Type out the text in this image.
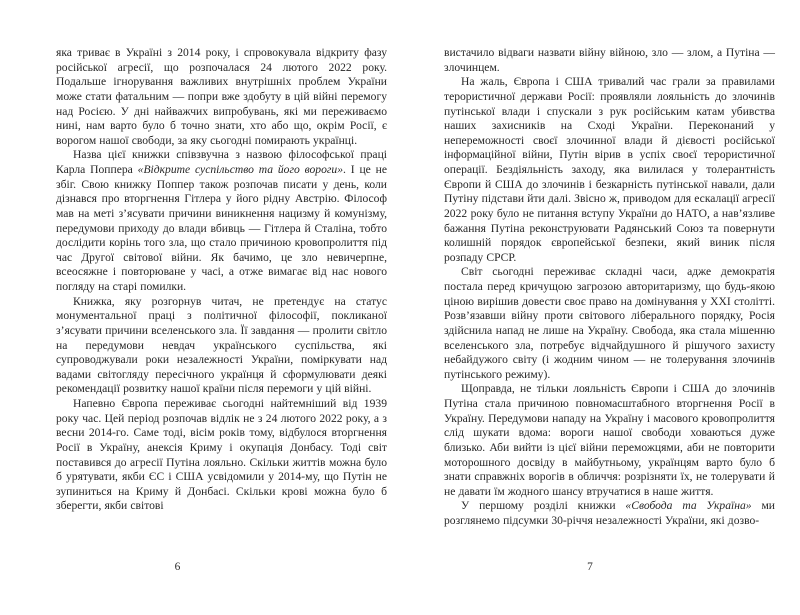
яка триває в Україні з 2014 року, і спровокувала відкриту фазу російської агресії, що розпочалася 24 лютого 2022 року. Подальше ігнорування важливих внутрішніх проблем України може стати фатальним — попри вже здобуту в цій війні перемогу над Росією. У дні найважчих випробувань, які ми переживаємо нині, нам варто було б точно знати, хто або що, окрім Росії, є ворогом нашої свободи, за яку сьогодні помирають українці.

Назва цієї книжки співзвучна з назвою філософської праці Карла Поппера «Відкрите суспільство та його вороги». І це не збіг. Свою книжку Поппер також розпочав писати у день, коли дізнався про вторгнення Гітлера у його рідну Австрію. Філософ мав на меті з’ясувати причини виникнення нацизму й комунізму, передумови приходу до влади вбивць — Гітлера й Сталіна, тобто дослідити корінь того зла, що стало причиною кровопролиття під час Другої світової війни. Як бачимо, це зло невичерпне, всеосяжне і повторюване у часі, а отже вимагає від нас нового погляду на старі помилки.

Книжка, яку розгорнув читач, не претендує на статус монументальної праці з політичної філософії, покликаної з’ясувати причини вселенського зла. Її завдання — пролити світло на передумови невдач українського суспільства, які супроводжували роки незалежності України, поміркувати над вадами світогляду пересічного українця й сформулювати деякі рекомендації розвитку нашої країни після перемоги у цій війні.

Напевно Європа переживає сьогодні найтемніший від 1939 року час. Цей період розпочав відлік не з 24 лютого 2022 року, а з весни 2014-го. Саме тоді, вісім років тому, відбулося вторгнення Росії в Україну, анексія Криму і окупація Донбасу. Тоді світ поставився до агресії Путіна лояльно. Скільки життів можна було б урятувати, якби ЄС і США усвідомили у 2014-му, що Путін не зупиниться на Криму й Донбасі. Скільки крові можна було б зберегти, якби світові

6

вистачило відваги назвати війну війною, зло — злом, а Путіна — злочинцем.

На жаль, Європа і США тривалий час грали за правилами терористичної держави Росії: проявляли лояльність до злочинів путінської влади і спускали з рук російським катам убивства наших захисників на Сході України. Переконаний у непереможності своєї злочинної влади й дієвості російської інформаційної війни, Путін вірив в успіх своєї терористичної операції. Бездіяльність заходу, яка вилилася у толерантність Європи й США до злочинів і безкарність путінської навали, дали Путіну підстави йти далі. Звісно ж, приводом для ескалації агресії 2022 року було не питання вступу України до НАТО, а нав’язливе бажання Путіна реконструювати Радянський Союз та повернути колишній порядок європейської безпеки, який виник після розпаду СРСР.

Світ сьогодні переживає складні часи, адже демократія постала перед кричущою загрозою авторитаризму, що будь-якою ціною вирішив довести своє право на домінування у XXI столітті. Розв’язавши війну проти світового ліберального порядку, Росія здійснила напад не лише на Україну. Свобода, яка стала мішенню вселенського зла, потребує відчайдушного й рішучого захисту небайдужого світу (і жодним чином — не толерування злочинів путінського режиму).

Щоправда, не тільки лояльність Європи і США до злочинів Путіна стала причиною повномасштабного вторгнення Росії в Україну. Передумови нападу на Україну і масового кровопролиття слід шукати вдома: вороги нашої свободи ховаються дуже близько. Аби вийти із цієї війни переможцями, аби не повторити моторошного досвіду в майбутньому, українцям варто було б знати справжніх ворогів в обличчя: розрізняти їх, не толерувати й не давати їм жодного шансу втручатися в наше життя.

У першому розділі книжки «Свобода та Україна» ми розглянемо підсумки 30-річчя незалежності України, які дозво-

7
